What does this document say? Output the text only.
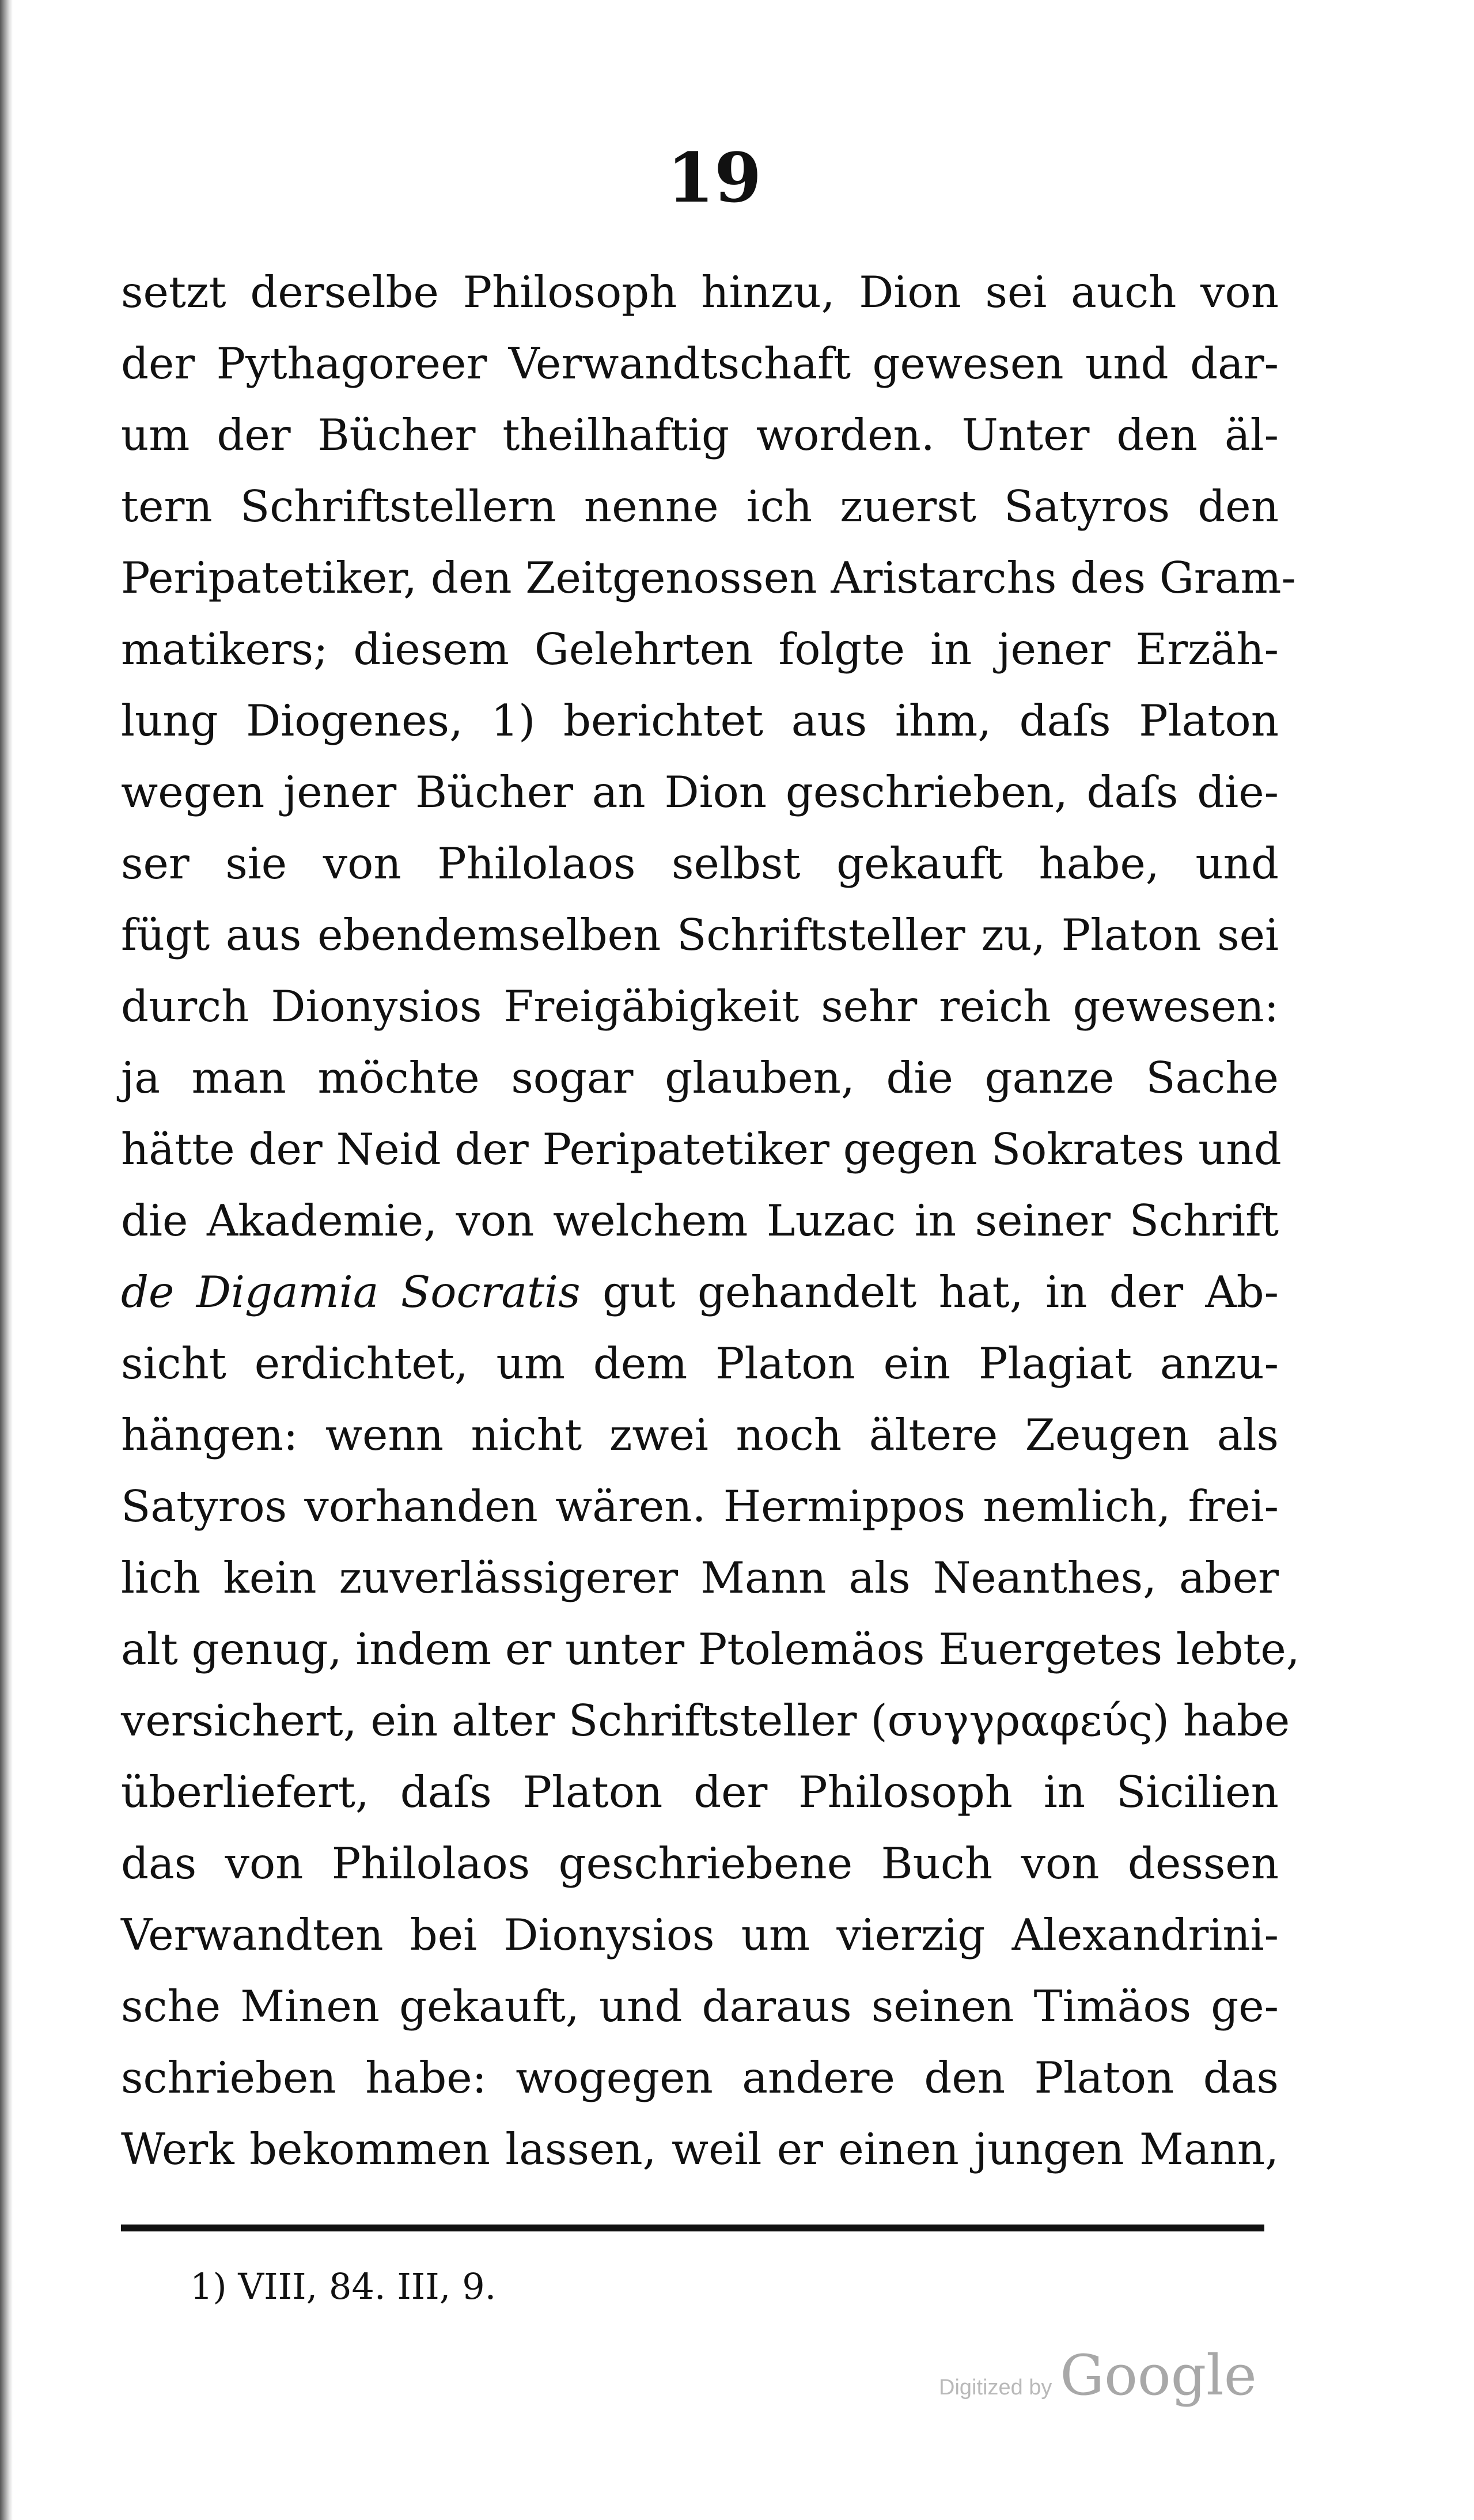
19
setzt derselbe Philosoph hinzu, Dion sei auch von
der Pythagoreer Verwandtschaft gewesen und dar-
um der Bücher theilhaftig worden. Unter den äl-
tern Schriftstellern nenne ich zuerst Satyros den
Peripatetiker, den Zeitgenossen Aristarchs des Gram-
matikers; diesem Gelehrten folgte in jener Erzäh-
lung Diogenes, 1) berichtet aus ihm, daſs Platon
wegen jener Bücher an Dion geschrieben, daſs die-
ser sie von Philolaos selbst gekauft habe, und
fügt aus ebendemselben Schriftsteller zu, Platon sei
durch Dionysios Freigäbigkeit sehr reich gewesen:
ja man möchte sogar glauben, die ganze Sache
hätte der Neid der Peripatetiker gegen Sokrates und
die Akademie, von welchem Luzac in seiner Schrift
de Digamia Socratis gut gehandelt hat, in der Ab-
sicht erdichtet, um dem Platon ein Plagiat anzu-
hängen: wenn nicht zwei noch ältere Zeugen als
Satyros vorhanden wären. Hermippos nemlich, frei-
lich kein zuverlässigerer Mann als Neanthes, aber
alt genug, indem er unter Ptolemäos Euergetes lebte,
versichert, ein alter Schriftsteller (συγγραφεύς) habe
überliefert, daſs Platon der Philosoph in Sicilien
das von Philolaos geschriebene Buch von dessen
Verwandten bei Dionysios um vierzig Alexandrini-
sche Minen gekauft, und daraus seinen Timäos ge-
schrieben habe: wogegen andere den Platon das
Werk bekommen lassen, weil er einen jungen Mann,
1) VIII, 84. III, 9.
Digitized by Google
